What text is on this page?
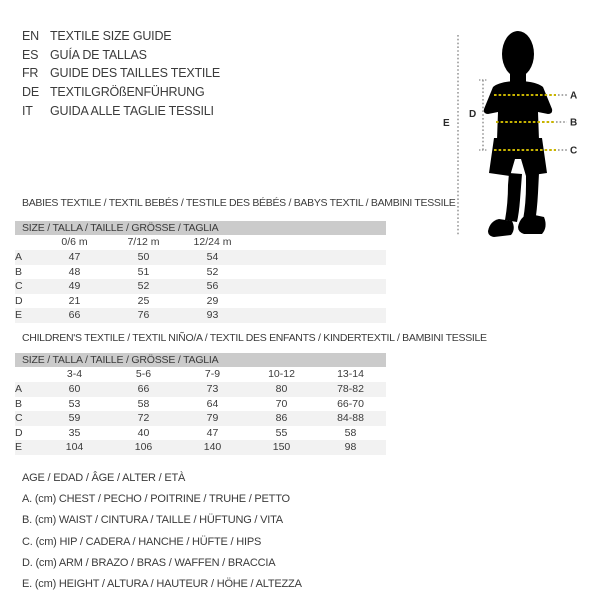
EN TEXTILE SIZE GUIDE
ES GUÍA DE TALLAS
FR GUIDE DES TAILLES TEXTILE
DE TEXTILGRÖßENFÜHRUNG
IT GUIDA ALLE TAGLIE TESSILI
A
B
C
D
E
BABIES TEXTILE / TEXTIL BEBÉS / TESTILE DES BÉBÉS / BABYS TEXTIL / BAMBINI TESSILE
SIZE / TALLA / TAILLE / GRÖSSE / TAGLIA
	0/6 m	7/12 m	12/24 m	
A	47	50	54	
B	48	51	52	
C	49	52	56	
D	21	25	29	
E	66	76	93	
CHILDREN'S TEXTILE / TEXTIL NIÑO/A / TEXTIL DES ENFANTS / KINDERTEXTIL / BAMBINI TESSILE
SIZE / TALLA / TAILLE / GRÖSSE / TAGLIA
	3-4	5-6	7-9	10-12	13-14	
A	60	66	73	80	78-82	
B	53	58	64	70	66-70	
C	59	72	79	86	84-88	
D	35	40	47	55	58	
E	104	106	140	150	98	
AGE / EDAD / ÂGE / ALTER / ETÀ
A. (cm) CHEST / PECHO / POITRINE / TRUHE / PETTO
B. (cm) WAIST / CINTURA / TAILLE / HÜFTUNG / VITA
C. (cm) HIP / CADERA / HANCHE / HÜFTE / HIPS
D. (cm) ARM / BRAZO / BRAS / WAFFEN / BRACCIA
E. (cm) HEIGHT / ALTURA / HAUTEUR / HÖHE / ALTEZZA
